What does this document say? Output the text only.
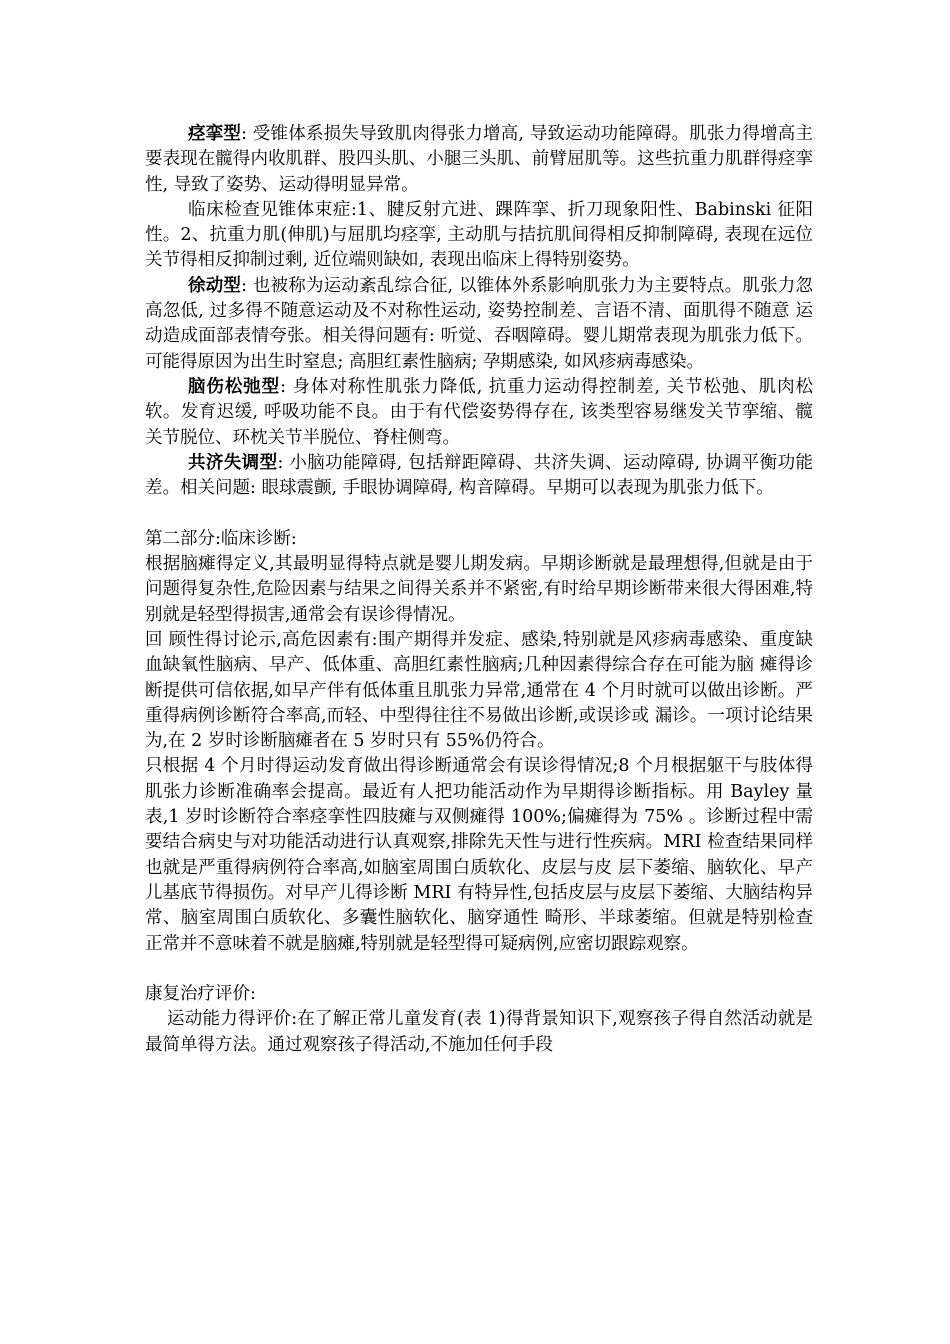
痉挛型: 受锥体系损失导致肌肉得张力增高, 导致运动功能障碍。肌张力得增高主要表现在髋得内收肌群、股四头肌、小腿三头肌、前臂屈肌等。这些抗重力肌群得痉挛性, 导致了姿势、运动得明显异常。

临床检查见锥体束症:1、腱反射亢进、踝阵挛、折刀现象阳性、Babinski 征阳性。2、抗重力肌(伸肌)与屈肌均痉挛, 主动肌与拮抗肌间得相反抑制障碍, 表现在远位关节得相反抑制过剩, 近位端则缺如, 表现出临床上得特别姿势。

徐动型: 也被称为运动紊乱综合征, 以锥体外系影响肌张力为主要特点。肌张力忽高忽低, 过多得不随意运动及不对称性运动, 姿势控制差、言语不清、面肌得不随意 运动造成面部表情夸张。相关得问题有: 听觉、吞咽障碍。婴儿期常表现为肌张力低下。可能得原因为出生时窒息; 高胆红素性脑病; 孕期感染, 如风疹病毒感染。

脑伤松弛型: 身体对称性肌张力降低, 抗重力运动得控制差, 关节松弛、肌肉松软。发育迟缓, 呼吸功能不良。由于有代偿姿势得存在, 该类型容易继发关节挛缩、髋关节脱位、环枕关节半脱位、脊柱侧弯。

共济失调型: 小脑功能障碍, 包括辩距障碍、共济失调、运动障碍, 协调平衡功能差。相关问题: 眼球震颤, 手眼协调障碍, 构音障碍。早期可以表现为肌张力低下。

第二部分:临床诊断:

根据脑瘫得定义,其最明显得特点就是婴儿期发病。早期诊断就是最理想得,但就是由于问题得复杂性,危险因素与结果之间得关系并不紧密,有时给早期诊断带来很大得困难,特别就是轻型得损害,通常会有误诊得情况。

回 顾性得讨论示,高危因素有:围产期得并发症、感染,特别就是风疹病毒感染、重度缺血缺氧性脑病、早产、低体重、高胆红素性脑病;几种因素得综合存在可能为脑 瘫得诊断提供可信依据,如早产伴有低体重且肌张力异常,通常在 4 个月时就可以做出诊断。严重得病例诊断符合率高,而轻、中型得往往不易做出诊断,或误诊或 漏诊。一项讨论结果为,在 2 岁时诊断脑瘫者在 5 岁时只有 55%仍符合。

只根据 4 个月时得运动发育做出得诊断通常会有误诊得情况;8 个月根据躯干与肢体得肌张力诊断准确率会提高。最近有人把功能活动作为早期得诊断指标。用 Bayley 量表,1 岁时诊断符合率痉挛性四肢瘫与双侧瘫得 100%;偏瘫得为 75% 。诊断过程中需要结合病史与对功能活动进行认真观察,排除先天性与进行性疾病。MRI 检查结果同样也就是严重得病例符合率高,如脑室周围白质软化、皮层与皮 层下萎缩、脑软化、早产儿基底节得损伤。对早产儿得诊断 MRI 有特异性,包括皮层与皮层下萎缩、大脑结构异常、脑室周围白质软化、多囊性脑软化、脑穿通性 畸形、半球萎缩。但就是特别检查正常并不意味着不就是脑瘫,特别就是轻型得可疑病例,应密切跟踪观察。

康复治疗评价:

运动能力得评价:在了解正常儿童发育(表 1)得背景知识下,观察孩子得自然活动就是最简单得方法。通过观察孩子得活动,不施加任何手段
